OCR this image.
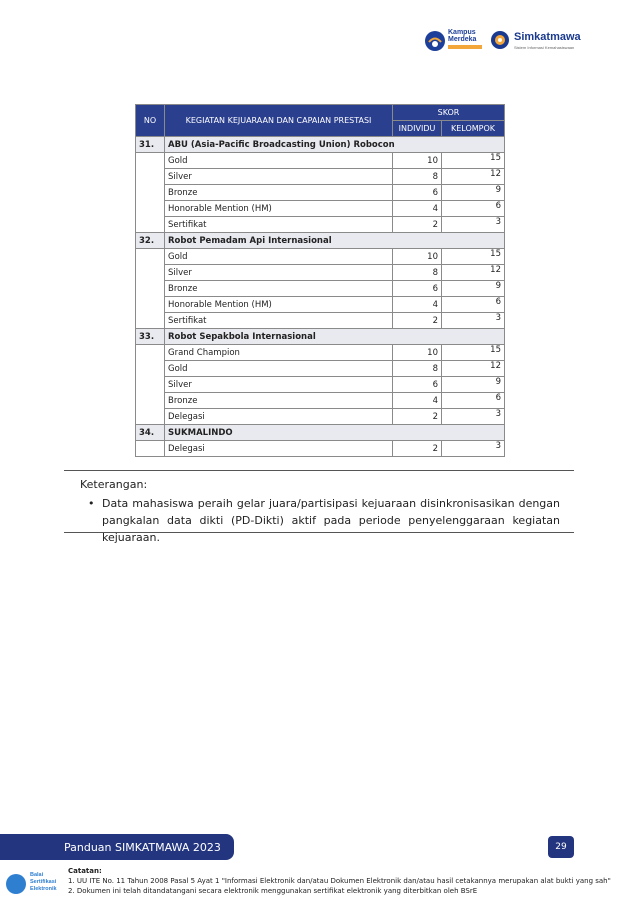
Kampus
Merdeka	Simkatmawa
Sistem Informasi Kemahasiswaan
NO	KEGIATAN KEJUARAAN DAN CAPAIAN PRESTASI	SKOR	
		INDIVIDU	KELOMPOK
31.	ABU (Asia-Pacific Broadcasting Union) Robocon		
	Gold	10	15
	Silver	8	12
	Bronze	6	9
	Honorable Mention (HM)	4	6
	Sertifikat	2	3
32.	Robot Pemadam Api Internasional		
	Gold	10	15
	Silver	8	12
	Bronze	6	9
	Honorable Mention (HM)	4	6
	Sertifikat	2	3
33.	Robot Sepakbola Internasional		
	Grand Champion	10	15
	Gold	8	12
	Silver	6	9
	Bronze	4	6
	Delegasi	2	3
34.	SUKMALINDO		
	Delegasi	2	3
Keterangan:
• Data mahasiswa peraih gelar juara/partisipasi kejuaraan disinkronisasikan dengan pangkalan data dikti (PD-Dikti) aktif pada periode penyelenggaraan kegiatan kejuaraan.
Panduan SIMKATMAWA 2023	29
Balai
Sertifikasi
Elektronik
Catatan:
1. UU ITE No. 11 Tahun 2008 Pasal 5 Ayat 1 "Informasi Elektronik dan/atau Dokumen Elektronik dan/atau hasil cetakannya merupakan alat bukti yang sah"
2. Dokumen ini telah ditandatangani secara elektronik menggunakan sertifikat elektronik yang diterbitkan oleh BSrE
